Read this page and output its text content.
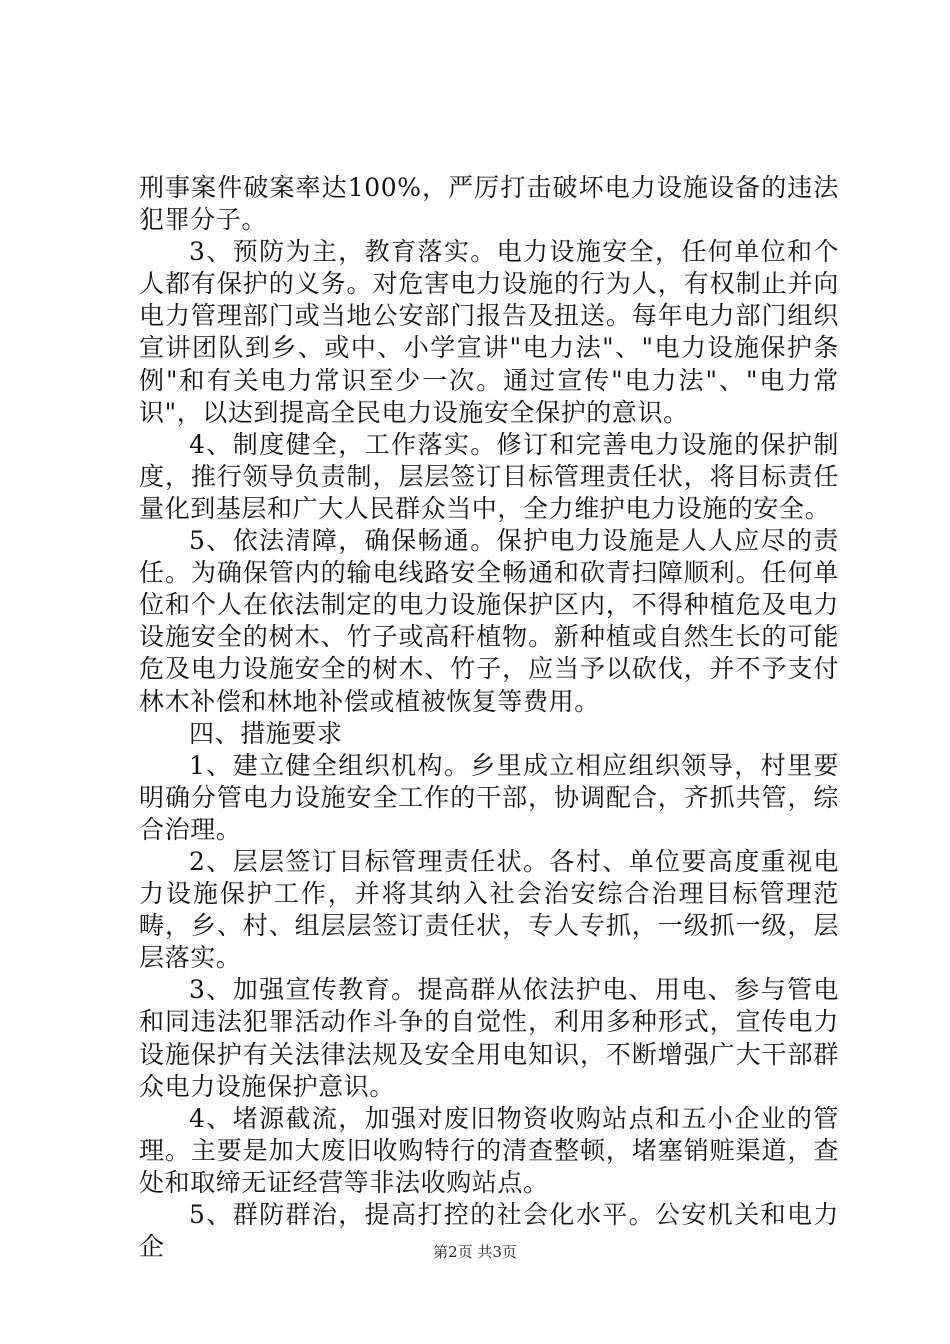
刑事案件破案率达100%，严厉打击破坏电力设施设备的违法犯罪分子。

3、预防为主，教育落实。电力设施安全，任何单位和个人都有保护的义务。对危害电力设施的行为人，有权制止并向电力管理部门或当地公安部门报告及扭送。每年电力部门组织宣讲团队到乡、或中、小学宣讲"电力法"、"电力设施保护条例"和有关电力常识至少一次。通过宣传"电力法"、"电力常识"，以达到提高全民电力设施安全保护的意识。

4、制度健全，工作落实。修订和完善电力设施的保护制度，推行领导负责制，层层签订目标管理责任状，将目标责任量化到基层和广大人民群众当中，全力维护电力设施的安全。

5、依法清障，确保畅通。保护电力设施是人人应尽的责任。为确保管内的输电线路安全畅通和砍青扫障顺利。任何单位和个人在依法制定的电力设施保护区内，不得种植危及电力设施安全的树木、竹子或高秆植物。新种植或自然生长的可能危及电力设施安全的树木、竹子，应当予以砍伐，并不予支付林木补偿和林地补偿或植被恢复等费用。

四、措施要求

1、建立健全组织机构。乡里成立相应组织领导，村里要明确分管电力设施安全工作的干部，协调配合，齐抓共管，综合治理。

2、层层签订目标管理责任状。各村、单位要高度重视电力设施保护工作，并将其纳入社会治安综合治理目标管理范畴，乡、村、组层层签订责任状，专人专抓，一级抓一级，层层落实。

3、加强宣传教育。提高群从依法护电、用电、参与管电和同违法犯罪活动作斗争的自觉性，利用多种形式，宣传电力设施保护有关法律法规及安全用电知识，不断增强广大干部群众电力设施保护意识。

4、堵源截流，加强对废旧物资收购站点和五小企业的管理。主要是加大废旧收购特行的清查整顿，堵塞销赃渠道，查处和取缔无证经营等非法收购站点。

5、群防群治，提高打控的社会化水平。公安机关和电力企	第2页 共3页
